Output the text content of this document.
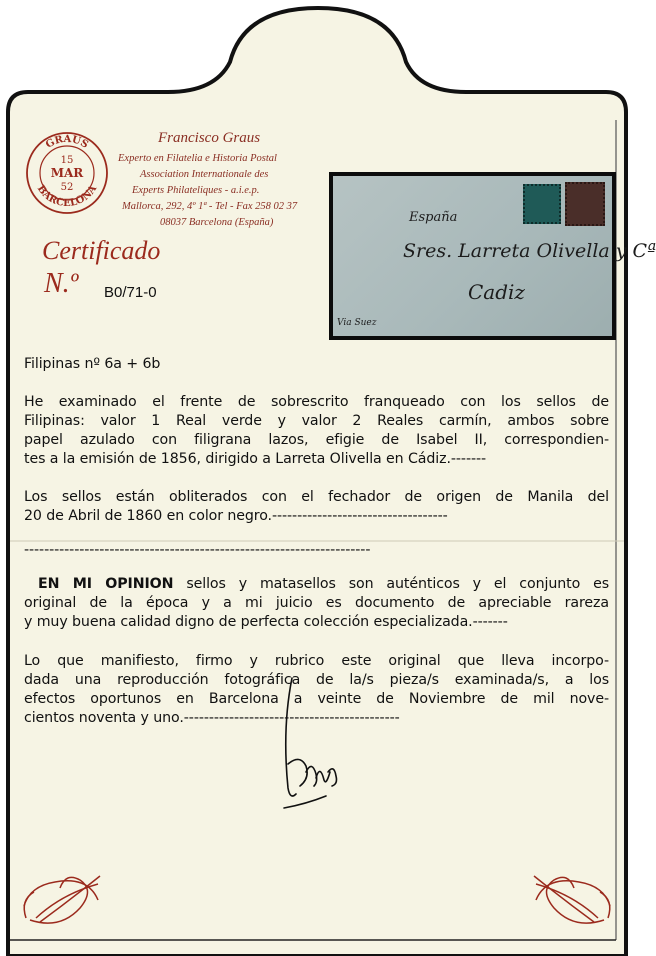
GRAUS
BARCELONA
15
MAR
52
Francisco Graus
Experto en Filatelia e Historia Postal
Association Internationale des
Experts Philateliques - a.i.e.p.
Mallorca, 292, 4º 1ª - Tel - Fax 258 02 37
08037 Barcelona (España)
Certificado
N.º B0/71-0
España
Sres. Larreta Olivella y Cª
Cadiz
Via Suez
Filipinas nº 6a + 6b
He examinado el frente de sobrescrito franqueado con los sellos de
Filipinas: valor 1 Real verde y valor 2 Reales carmín, ambos sobre
papel azulado con filigrana lazos, efigie de Isabel II, correspondien-
tes a la emisión de 1856, dirigido a Larreta Olivella en Cádiz.-------
Los sellos están obliterados con el fechador de origen de Manila del
20 de Abril de 1860 en color negro.-----------------------------------
---------------------------------------------------------------------
EN MI OPINION sellos y matasellos son auténticos y el conjunto es
original de la época y a mi juicio es documento de apreciable rareza
y muy buena calidad digno de perfecta colección especializada.-------
Lo que manifiesto, firmo y rubrico este original que lleva incorpo-
dada una reproducción fotográfica de la/s pieza/s examinada/s, a los
efectos oportunos en Barcelona a veinte de Noviembre de mil nove-
cientos noventa y uno.-------------------------------------------
